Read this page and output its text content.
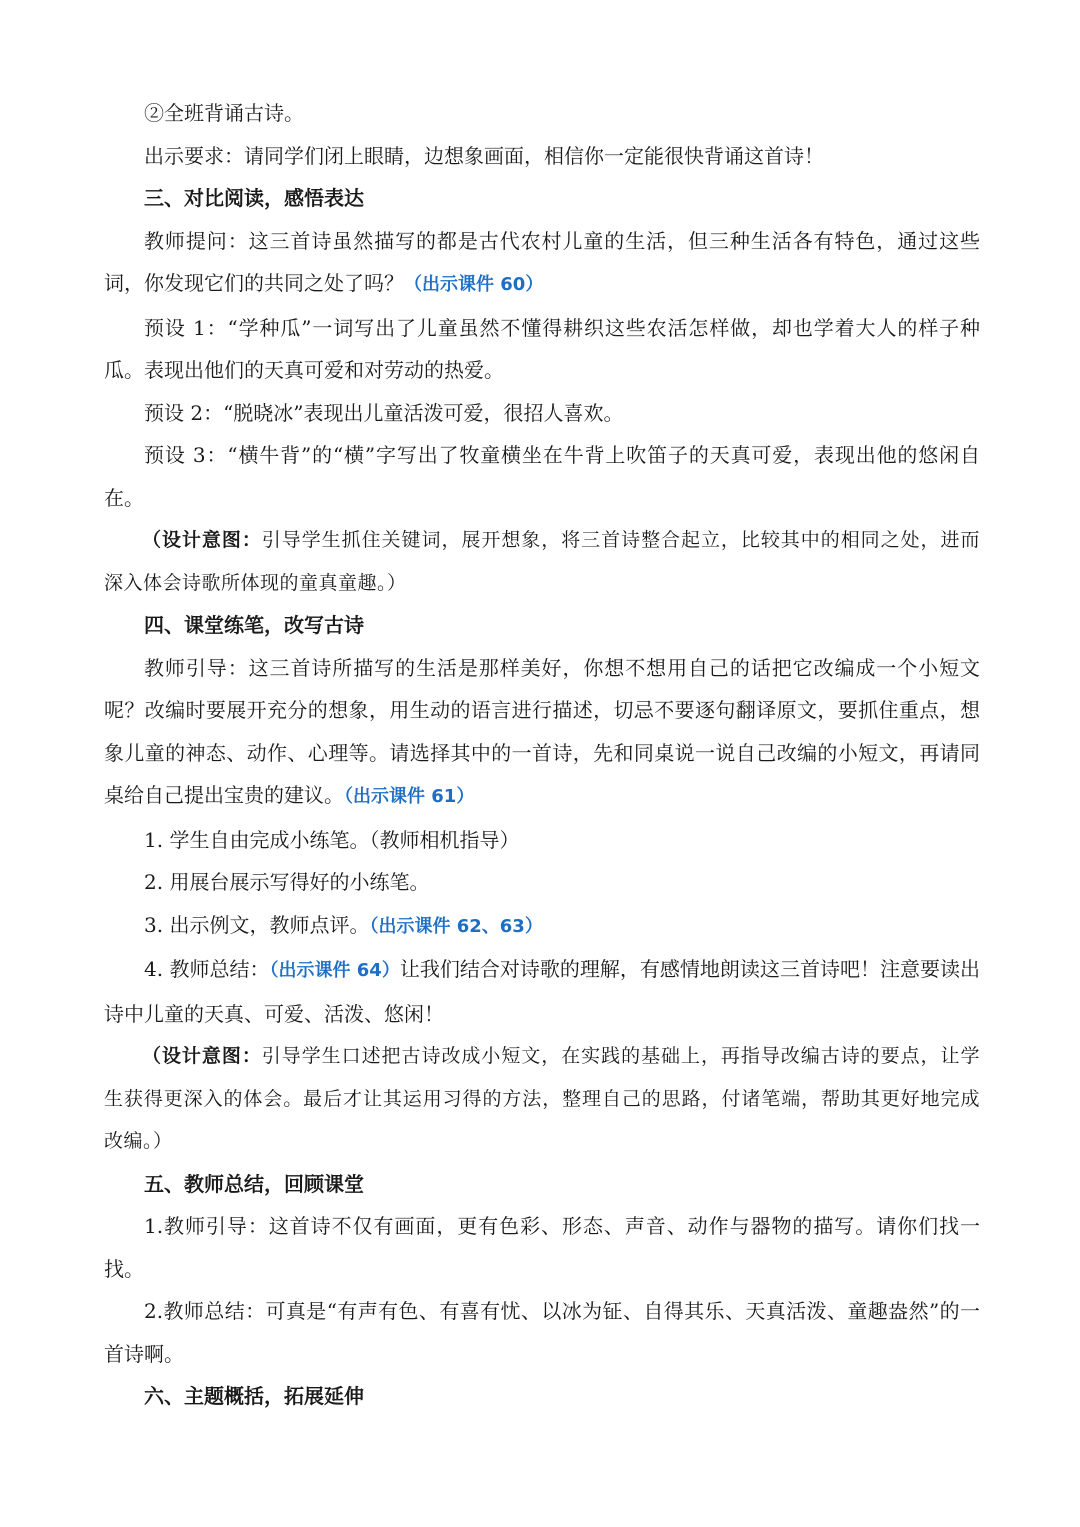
②全班背诵古诗。

出示要求：请同学们闭上眼睛，边想象画面，相信你一定能很快背诵这首诗！

三、对比阅读，感悟表达

教师提问：这三首诗虽然描写的都是古代农村儿童的生活，但三种生活各有特色，通过这些词，你发现它们的共同之处了吗？（出示课件 60）

预设 1：“学种瓜”一词写出了儿童虽然不懂得耕织这些农活怎样做，却也学着大人的样子种瓜。表现出他们的天真可爱和对劳动的热爱。

预设 2：“脱晓冰”表现出儿童活泼可爱，很招人喜欢。

预设 3：“横牛背”的“横”字写出了牧童横坐在牛背上吹笛子的天真可爱，表现出他的悠闲自在。

（设计意图：引导学生抓住关键词，展开想象，将三首诗整合起立，比较其中的相同之处，进而深入体会诗歌所体现的童真童趣。）

四、课堂练笔，改写古诗

教师引导：这三首诗所描写的生活是那样美好，你想不想用自己的话把它改编成一个小短文呢？改编时要展开充分的想象，用生动的语言进行描述，切忌不要逐句翻译原文，要抓住重点，想象儿童的神态、动作、心理等。请选择其中的一首诗，先和同桌说一说自己改编的小短文，再请同桌给自己提出宝贵的建议。（出示课件 61）

1. 学生自由完成小练笔。（教师相机指导）

2. 用展台展示写得好的小练笔。

3. 出示例文，教师点评。（出示课件 62、63）

4. 教师总结：（出示课件 64）让我们结合对诗歌的理解，有感情地朗读这三首诗吧！注意要读出诗中儿童的天真、可爱、活泼、悠闲！

（设计意图：引导学生口述把古诗改成小短文，在实践的基础上，再指导改编古诗的要点，让学生获得更深入的体会。最后才让其运用习得的方法，整理自己的思路，付诸笔端，帮助其更好地完成改编。）

五、教师总结，回顾课堂

1.教师引导：这首诗不仅有画面，更有色彩、形态、声音、动作与器物的描写。请你们找一找。

2.教师总结：可真是“有声有色、有喜有忧、以冰为钲、自得其乐、天真活泼、童趣盎然”的一首诗啊。

六、主题概括，拓展延伸
